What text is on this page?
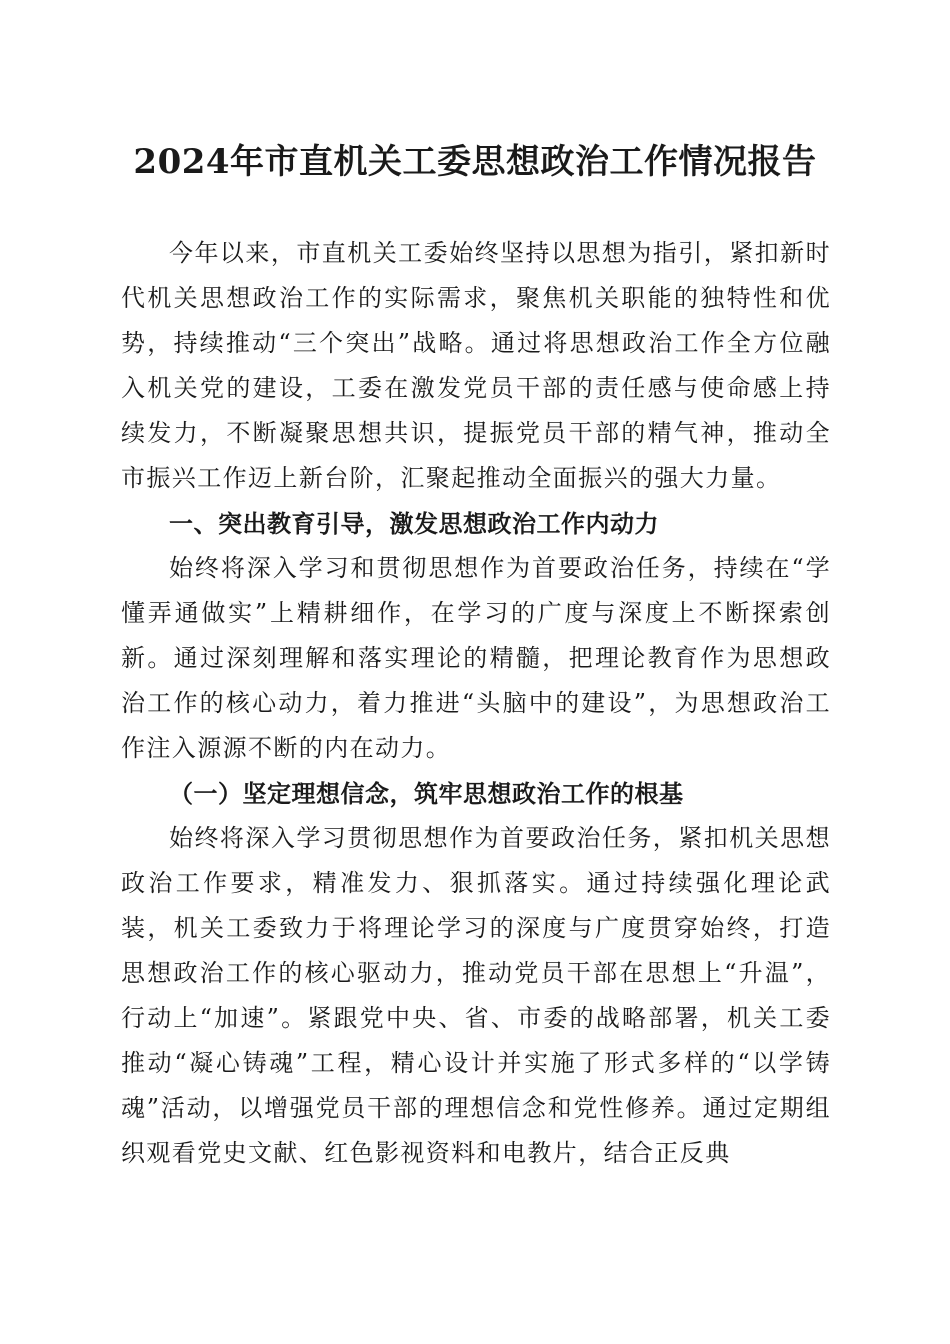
2024年市直机关工委思想政治工作情况报告

今年以来，市直机关工委始终坚持以思想为指引，紧扣新时代机关思想政治工作的实际需求，聚焦机关职能的独特性和优势，持续推动“三个突出”战略。通过将思想政治工作全方位融入机关党的建设，工委在激发党员干部的责任感与使命感上持续发力，不断凝聚思想共识，提振党员干部的精气神，推动全市振兴工作迈上新台阶，汇聚起推动全面振兴的强大力量。

一、突出教育引导，激发思想政治工作内动力

始终将深入学习和贯彻思想作为首要政治任务，持续在“学懂弄通做实”上精耕细作，在学习的广度与深度上不断探索创新。通过深刻理解和落实理论的精髓，把理论教育作为思想政治工作的核心动力，着力推进“头脑中的建设”，为思想政治工作注入源源不断的内在动力。

（一）坚定理想信念，筑牢思想政治工作的根基

始终将深入学习贯彻思想作为首要政治任务，紧扣机关思想政治工作要求，精准发力、狠抓落实。通过持续强化理论武装，机关工委致力于将理论学习的深度与广度贯穿始终，打造思想政治工作的核心驱动力，推动党员干部在思想上“升温”，行动上“加速”。紧跟党中央、省、市委的战略部署，机关工委推动“凝心铸魂”工程，精心设计并实施了形式多样的“以学铸魂”活动，以增强党员干部的理想信念和党性修养。通过定期组织观看党史文献、红色影视资料和电教片，结合正反典
